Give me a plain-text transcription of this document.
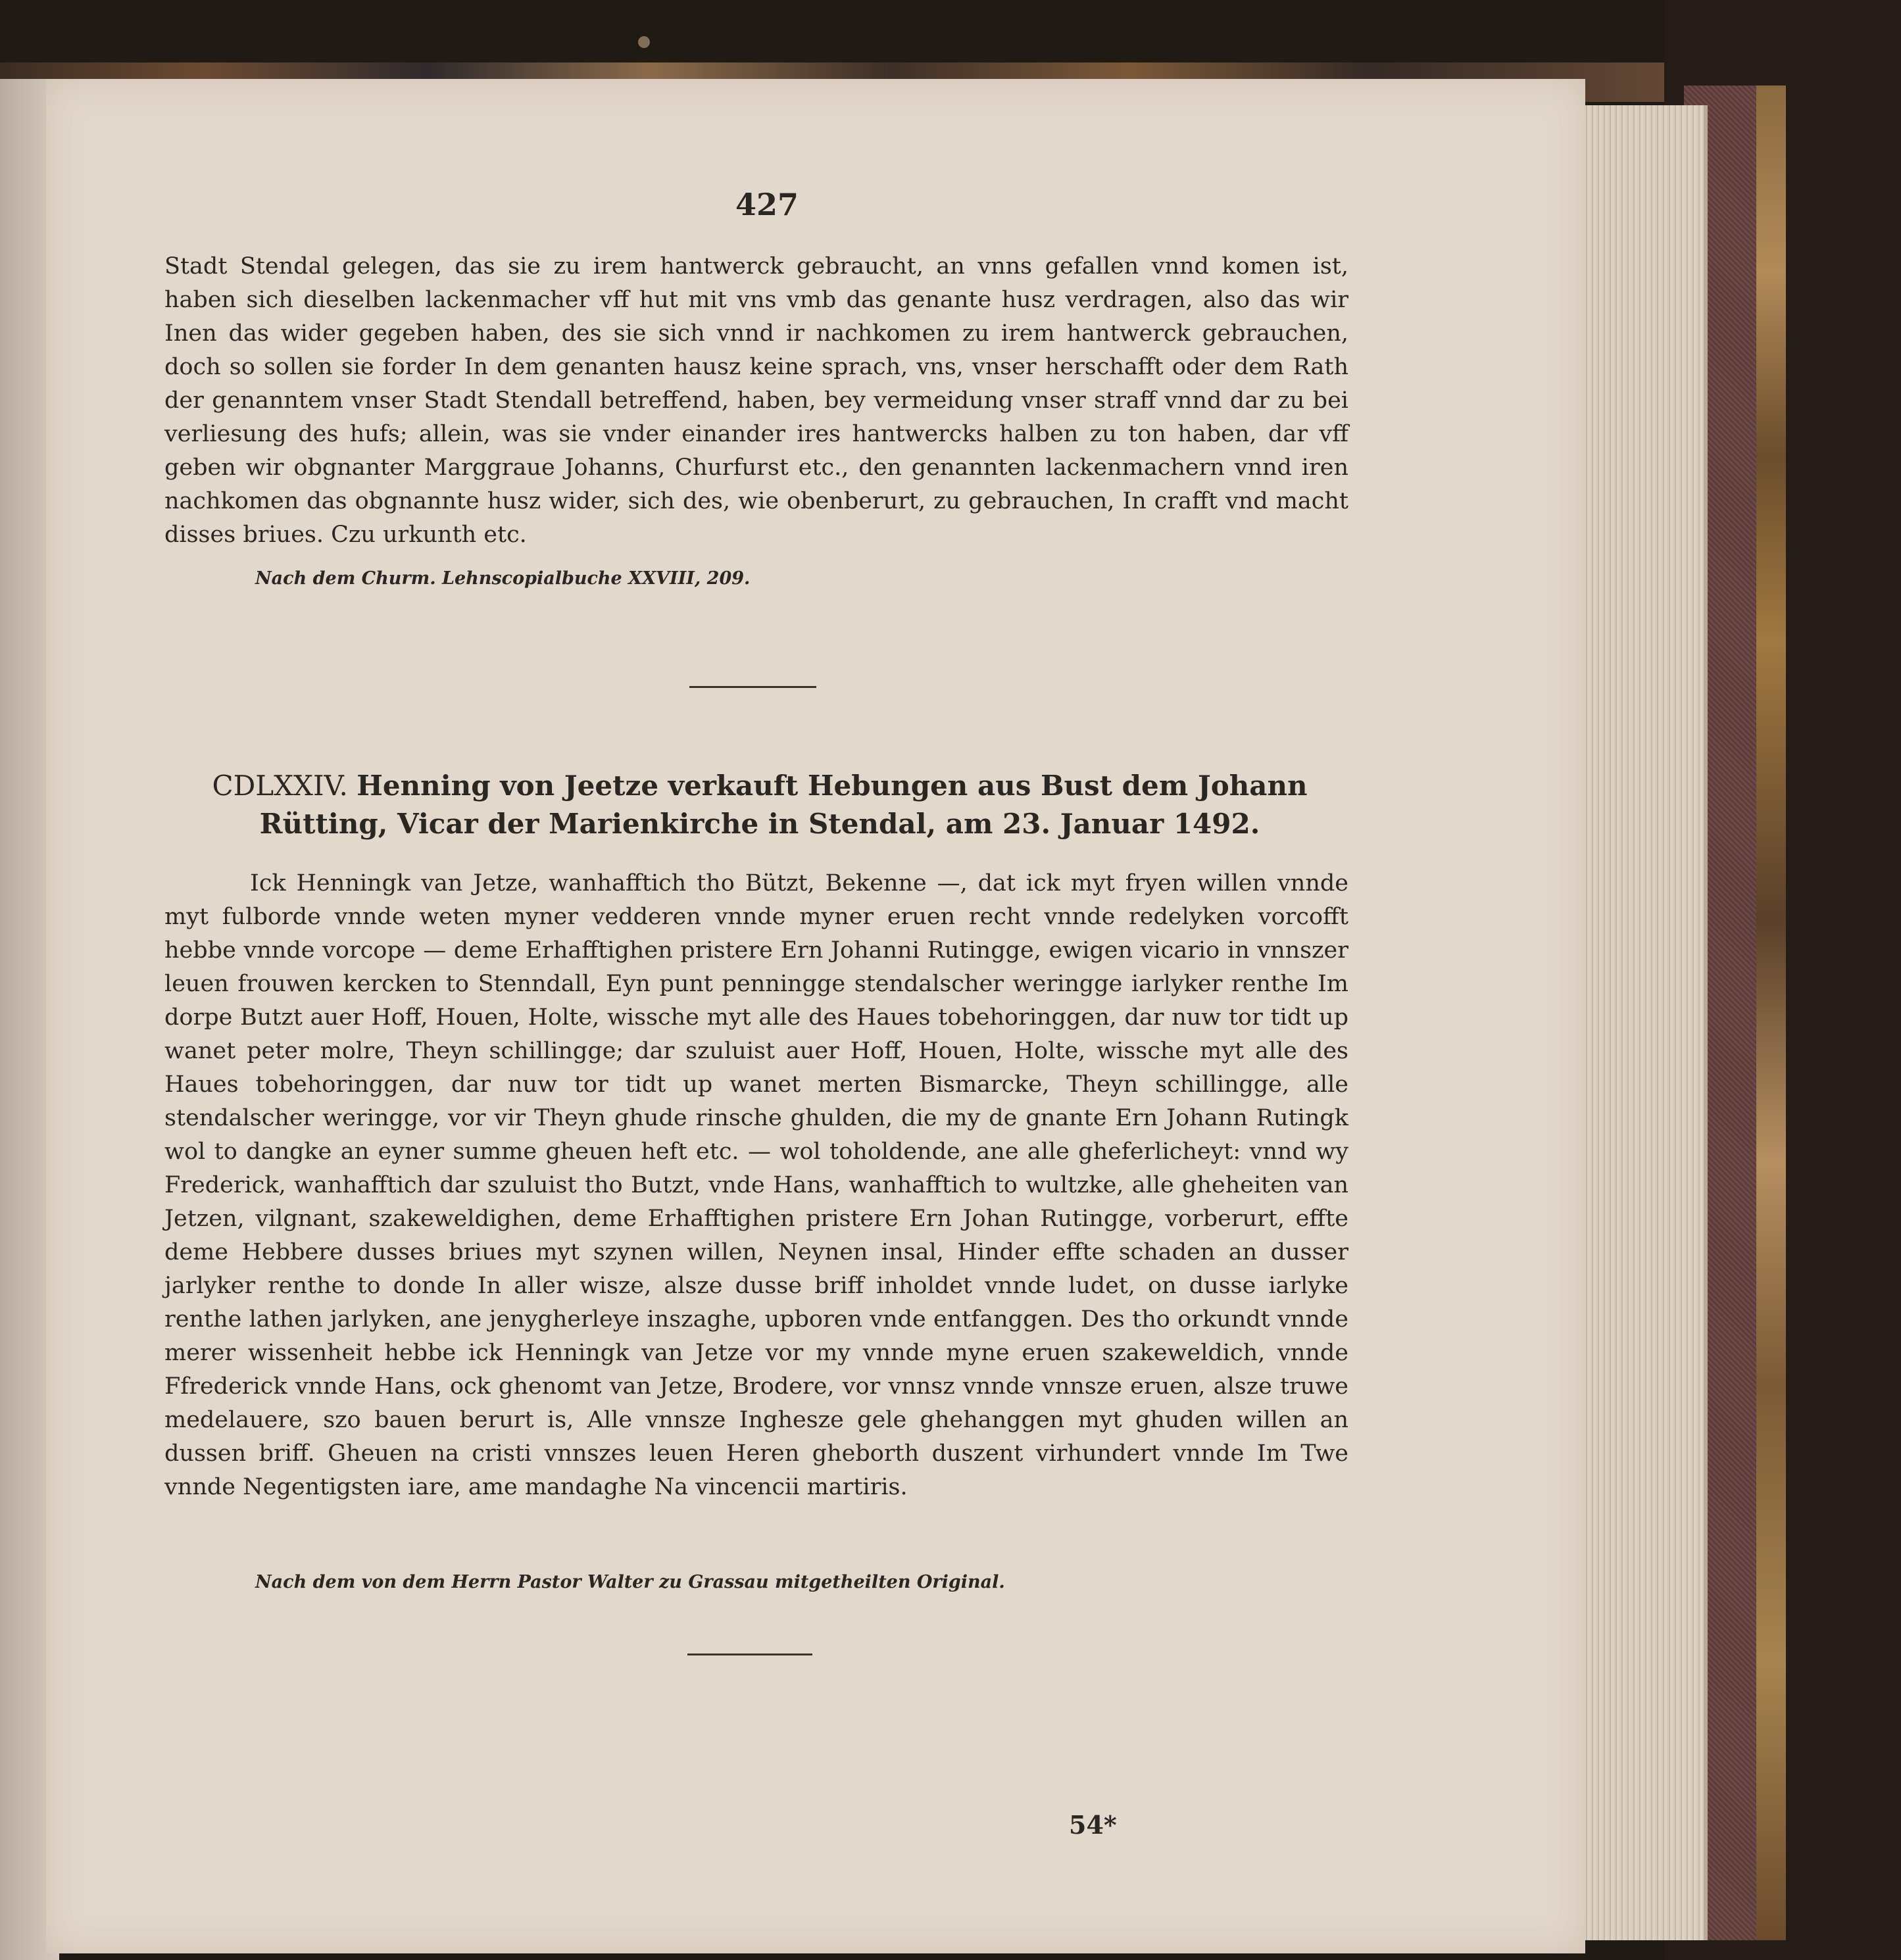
427
Stadt Stendal gelegen, das sie zu irem hantwerck gebraucht, an vnns gefallen vnnd komen ist, haben sich dieselben lackenmacher vff hut mit vns vmb das genante husz verdragen, also das wir Inen das wider gegeben haben, des sie sich vnnd ir nachkomen zu irem hantwerck gebrauchen, doch so sollen sie forder In dem genanten hausz keine sprach, vns, vnser herschafft oder dem Rath der genanntem vnser Stadt Stendall betreffend, haben, bey vermeidung vnser straff vnnd dar zu bei verliesung des hufs; allein, was sie vnder einander ires hantwercks halben zu ton haben, dar vff geben wir obgnanter Marggraue Johanns, Churfurst etc., den genannten lackenmachern vnnd iren nachkomen das obgnannte husz wider, sich des, wie obenberurt, zu gebrauchen, In crafft vnd macht disses briues. Czu urkunth etc.
Nach dem Churm. Lehnscopialbuche XXVIII, 209.
CDLXXIV. Henning von Jeetze verkauft Hebungen aus Bust dem Johann Rütting, Vicar der Marienkirche in Stendal, am 23. Januar 1492.
Ick Henningk van Jetze, wanhafftich tho Bützt, Bekenne —, dat ick myt fryen willen vnnde myt fulborde vnnde weten myner vedderen vnnde myner eruen recht vnnde redelyken vorcofft hebbe vnnde vorcope — deme Erhafftighen pristere Ern Johanni Rutingge, ewigen vicario in vnnszer leuen frouwen kercken to Stenndall, Eyn punt penningge stendalscher weringge iarlyker renthe Im dorpe Butzt auer Hoff, Houen, Holte, wissche myt alle des Haues tobehoringgen, dar nuw tor tidt up wanet peter molre, Theyn schillingge; dar szuluist auer Hoff, Houen, Holte, wissche myt alle des Haues tobehoringgen, dar nuw tor tidt up wanet merten Bismarcke, Theyn schillingge, alle stendalscher weringge, vor vir Theyn ghude rinsche ghulden, die my de gnante Ern Johann Rutingk wol to dangke an eyner summe gheuen heft etc. — wol toholdende, ane alle gheferlicheyt: vnnd wy Frederick, wanhafftich dar szuluist tho Butzt, vnde Hans, wanhafftich to wultzke, alle gheheiten van Jetzen, vilgnant, szakeweldighen, deme Erhafftighen pristere Ern Johan Rutingge, vorberurt, effte deme Hebbere dusses briues myt szynen willen, Neynen insal, Hinder effte schaden an dusser jarlyker renthe to donde In aller wisze, alsze dusse briff inholdet vnnde ludet, on dusse iarlyke renthe lathen jarlyken, ane jenygherleye inszaghe, upboren vnde entfanggen. Des tho orkundt vnnde merer wissenheit hebbe ick Henningk van Jetze vor my vnnde myne eruen szakeweldich, vnnde Ffrederick vnnde Hans, ock ghenomt van Jetze, Brodere, vor vnnsz vnnde vnnsze eruen, alsze truwe medelauere, szo bauen berurt is, Alle vnnsze Inghesze gele ghehanggen myt ghuden willen an dussen briff. Gheuen na cristi vnnszes leuen Heren gheborth duszent virhundert vnnde Im Twe vnnde Negentigsten iare, ame mandaghe Na vincencii martiris.
Nach dem von dem Herrn Pastor Walter zu Grassau mitgetheilten Original.
54*
